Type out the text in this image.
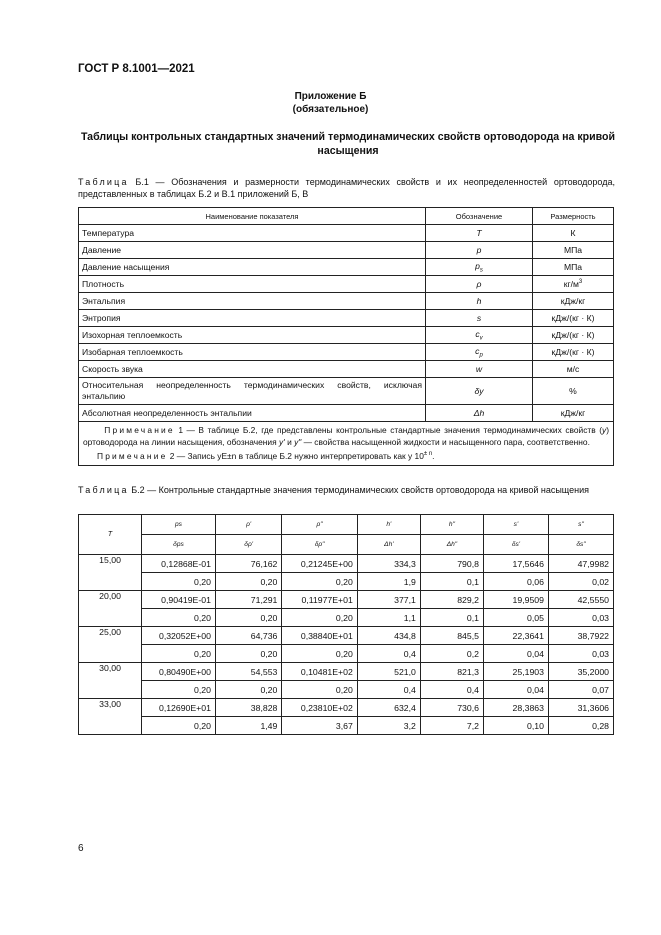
ГОСТ Р 8.1001—2021
Приложение Б
(обязательное)
Таблицы контрольных стандартных значений термодинамических свойств ортоводорода на кривой насыщения
Таблица Б.1 — Обозначения и размерности термодинамических свойств и их неопределенностей ортоводорода, представленных в таблицах Б.2 и В.1 приложений Б, В
Наименование показателя	Обозначение	Размерность
Температура	T	К
Давление	p	МПа
Давление насыщения	$p_s$	МПа
Плотность	ρ	$кг/м^3$
Энтальпия	h	кДж/кг
Энтропия	s	кДж/(кг · К)
Изохорная теплоемкость	$c_v$	кДж/(кг · К)
Изобарная теплоемкость	$c_p$	кДж/(кг · К)
Скорость звука	w	м/с
Относительная неопределенность термодинамических свойств, исключая энтальпию	δy	%
Абсолютная неопределенность энтальпии	Δh	кДж/кг

Примечание 1 — В таблице Б.2, где представлены контрольные стандартные значения термодинамических свойств (y) ортоводорода на линии насыщения, обозначения y' и y" — свойства насыщенной жидкости и насыщенного пара, соответственно.
Примечание 2 — Запись yE±n в таблице Б.2 нужно интерпретировать как y $10^{\pm n}$.		
Таблица Б.2 — Контрольные стандартные значения термодинамических свойств ортоводорода на кривой насыщения
T	ps	ρ'	ρ"	h'	h"	s'	s"
	δps	δρ'	δρ"	Δh'	Δh"	δs'	δs"
15,00	0,12868E-01	76,162	0,21245E+00	334,3	790,8	17,5646	47,9982
	0,20	0,20	0,20	1,9	0,1	0,06	0,02
20,00	0,90419E-01	71,291	0,11977E+01	377,1	829,2	19,9509	42,5550
	0,20	0,20	0,20	1,1	0,1	0,05	0,03
25,00	0,32052E+00	64,736	0,38840E+01	434,8	845,5	22,3641	38,7922
	0,20	0,20	0,20	0,4	0,2	0,04	0,03
30,00	0,80490E+00	54,553	0,10481E+02	521,0	821,3	25,1903	35,2000
	0,20	0,20	0,20	0,4	0,4	0,04	0,07
33,00	0,12690E+01	38,828	0,23810E+02	632,4	730,6	28,3863	31,3606
	0,20	1,49	3,67	3,2	7,2	0,10	0,28
6
